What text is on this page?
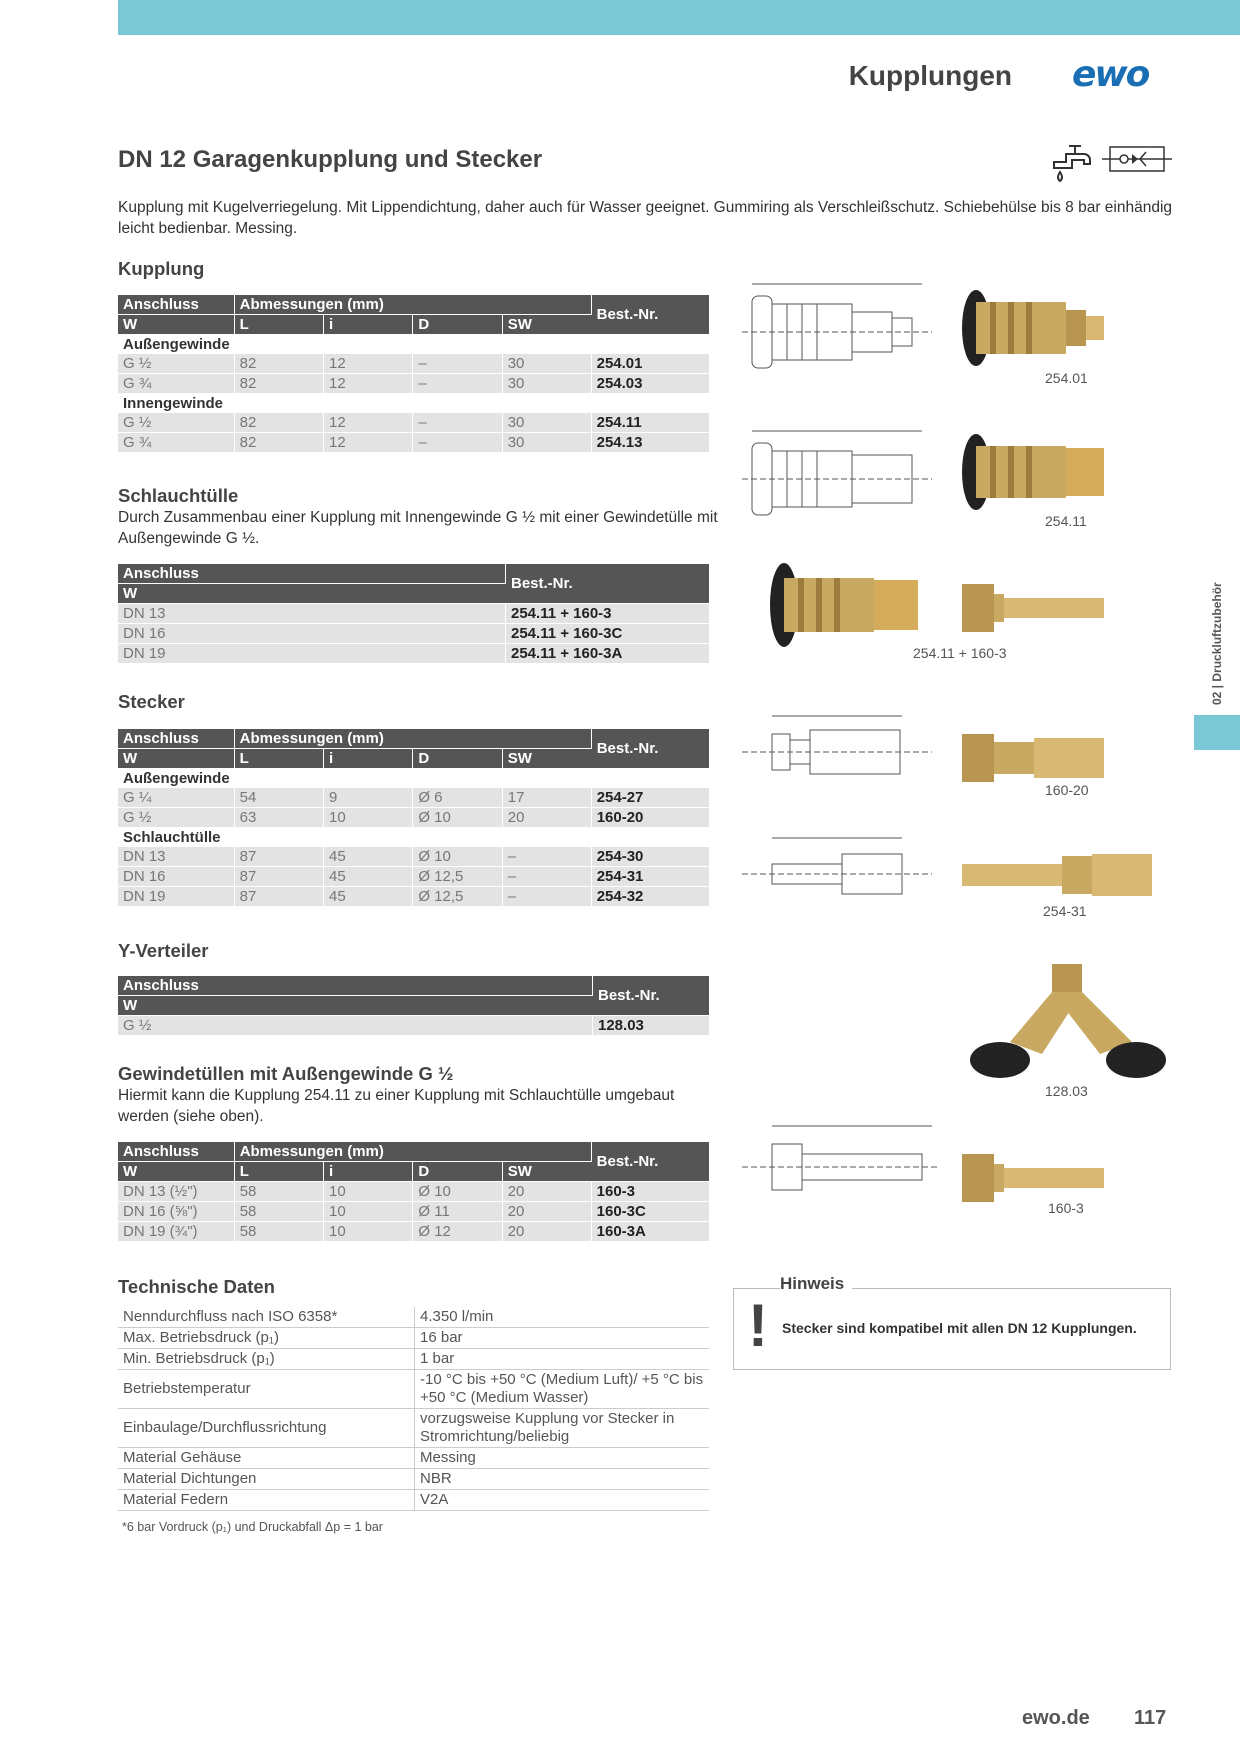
Kupplungen ewo
DN 12 Garagenkupplung und Stecker
Kupplung mit Kugelverriegelung. Mit Lippendichtung, daher auch für Wasser geeignet. Gummiring als Verschleißschutz. Schiebehülse bis 8 bar einhändig leicht bedienbar. Messing.
Kupplung
Anschluss	Abmessungen (mm)				Best.-Nr.
W	L	i	D	SW	
Außengewinde					
G ½	82	12	–	30	254.01
G ¾	82	12	–	30	254.03
Innengewinde					
G ½	82	12	–	30	254.11
G ¾	82	12	–	30	254.13
Schlauchtülle
Durch Zusammenbau einer Kupplung mit Innengewinde G ½ mit einer Gewindetülle mit Außengewinde G ½.
Anschluss	Best.-Nr.
W	
DN 13	254.11 + 160-3
DN 16	254.11 + 160-3C
DN 19	254.11 + 160-3A
Stecker
Anschluss	Abmessungen (mm)				Best.-Nr.
W	L	i	D	SW	
Außengewinde					
G ¼	54	9	Ø 6	17	254-27
G ½	63	10	Ø 10	20	160-20
Schlauchtülle					
DN 13	87	45	Ø 10	–	254-30
DN 16	87	45	Ø 12,5	–	254-31
DN 19	87	45	Ø 12,5	–	254-32
Y-Verteiler
Anschluss	Best.-Nr.
W	
G ½	128.03
Gewindetüllen mit Außengewinde G ½
Hiermit kann die Kupplung 254.11 zu einer Kupplung mit Schlauchtülle umgebaut werden (siehe oben).
Anschluss	Abmessungen (mm)				Best.-Nr.
W	L	i	D	SW	
DN 13 (½")	58	10	Ø 10	20	160-3
DN 16 (⅝")	58	10	Ø 11	20	160-3C
DN 19 (¾")	58	10	Ø 12	20	160-3A
Technische Daten
Nenndurchfluss nach ISO 6358*	4.350 l/min
Max. Betriebsdruck (p₁)	16 bar
Min. Betriebsdruck (p₁)	1 bar
Betriebstemperatur	-10 °C bis +50 °C (Medium Luft)/ +5 °C bis +50 °C (Medium Wasser)
Einbaulage/Durchflussrichtung	vorzugsweise Kupplung vor Stecker in Stromrichtung/beliebig
Material Gehäuse	Messing
Material Dichtungen	NBR
Material Federn	V2A
*6 bar Vordruck (p₁) und Druckabfall Δp = 1 bar
!
Hinweis
Stecker sind kompatibel mit allen DN 12 Kupplungen.
254.01
254.11
254.11 + 160-3
160-20
254-31
128.03
160-3
02 | Druckluftzubehör
ewo.de 117
